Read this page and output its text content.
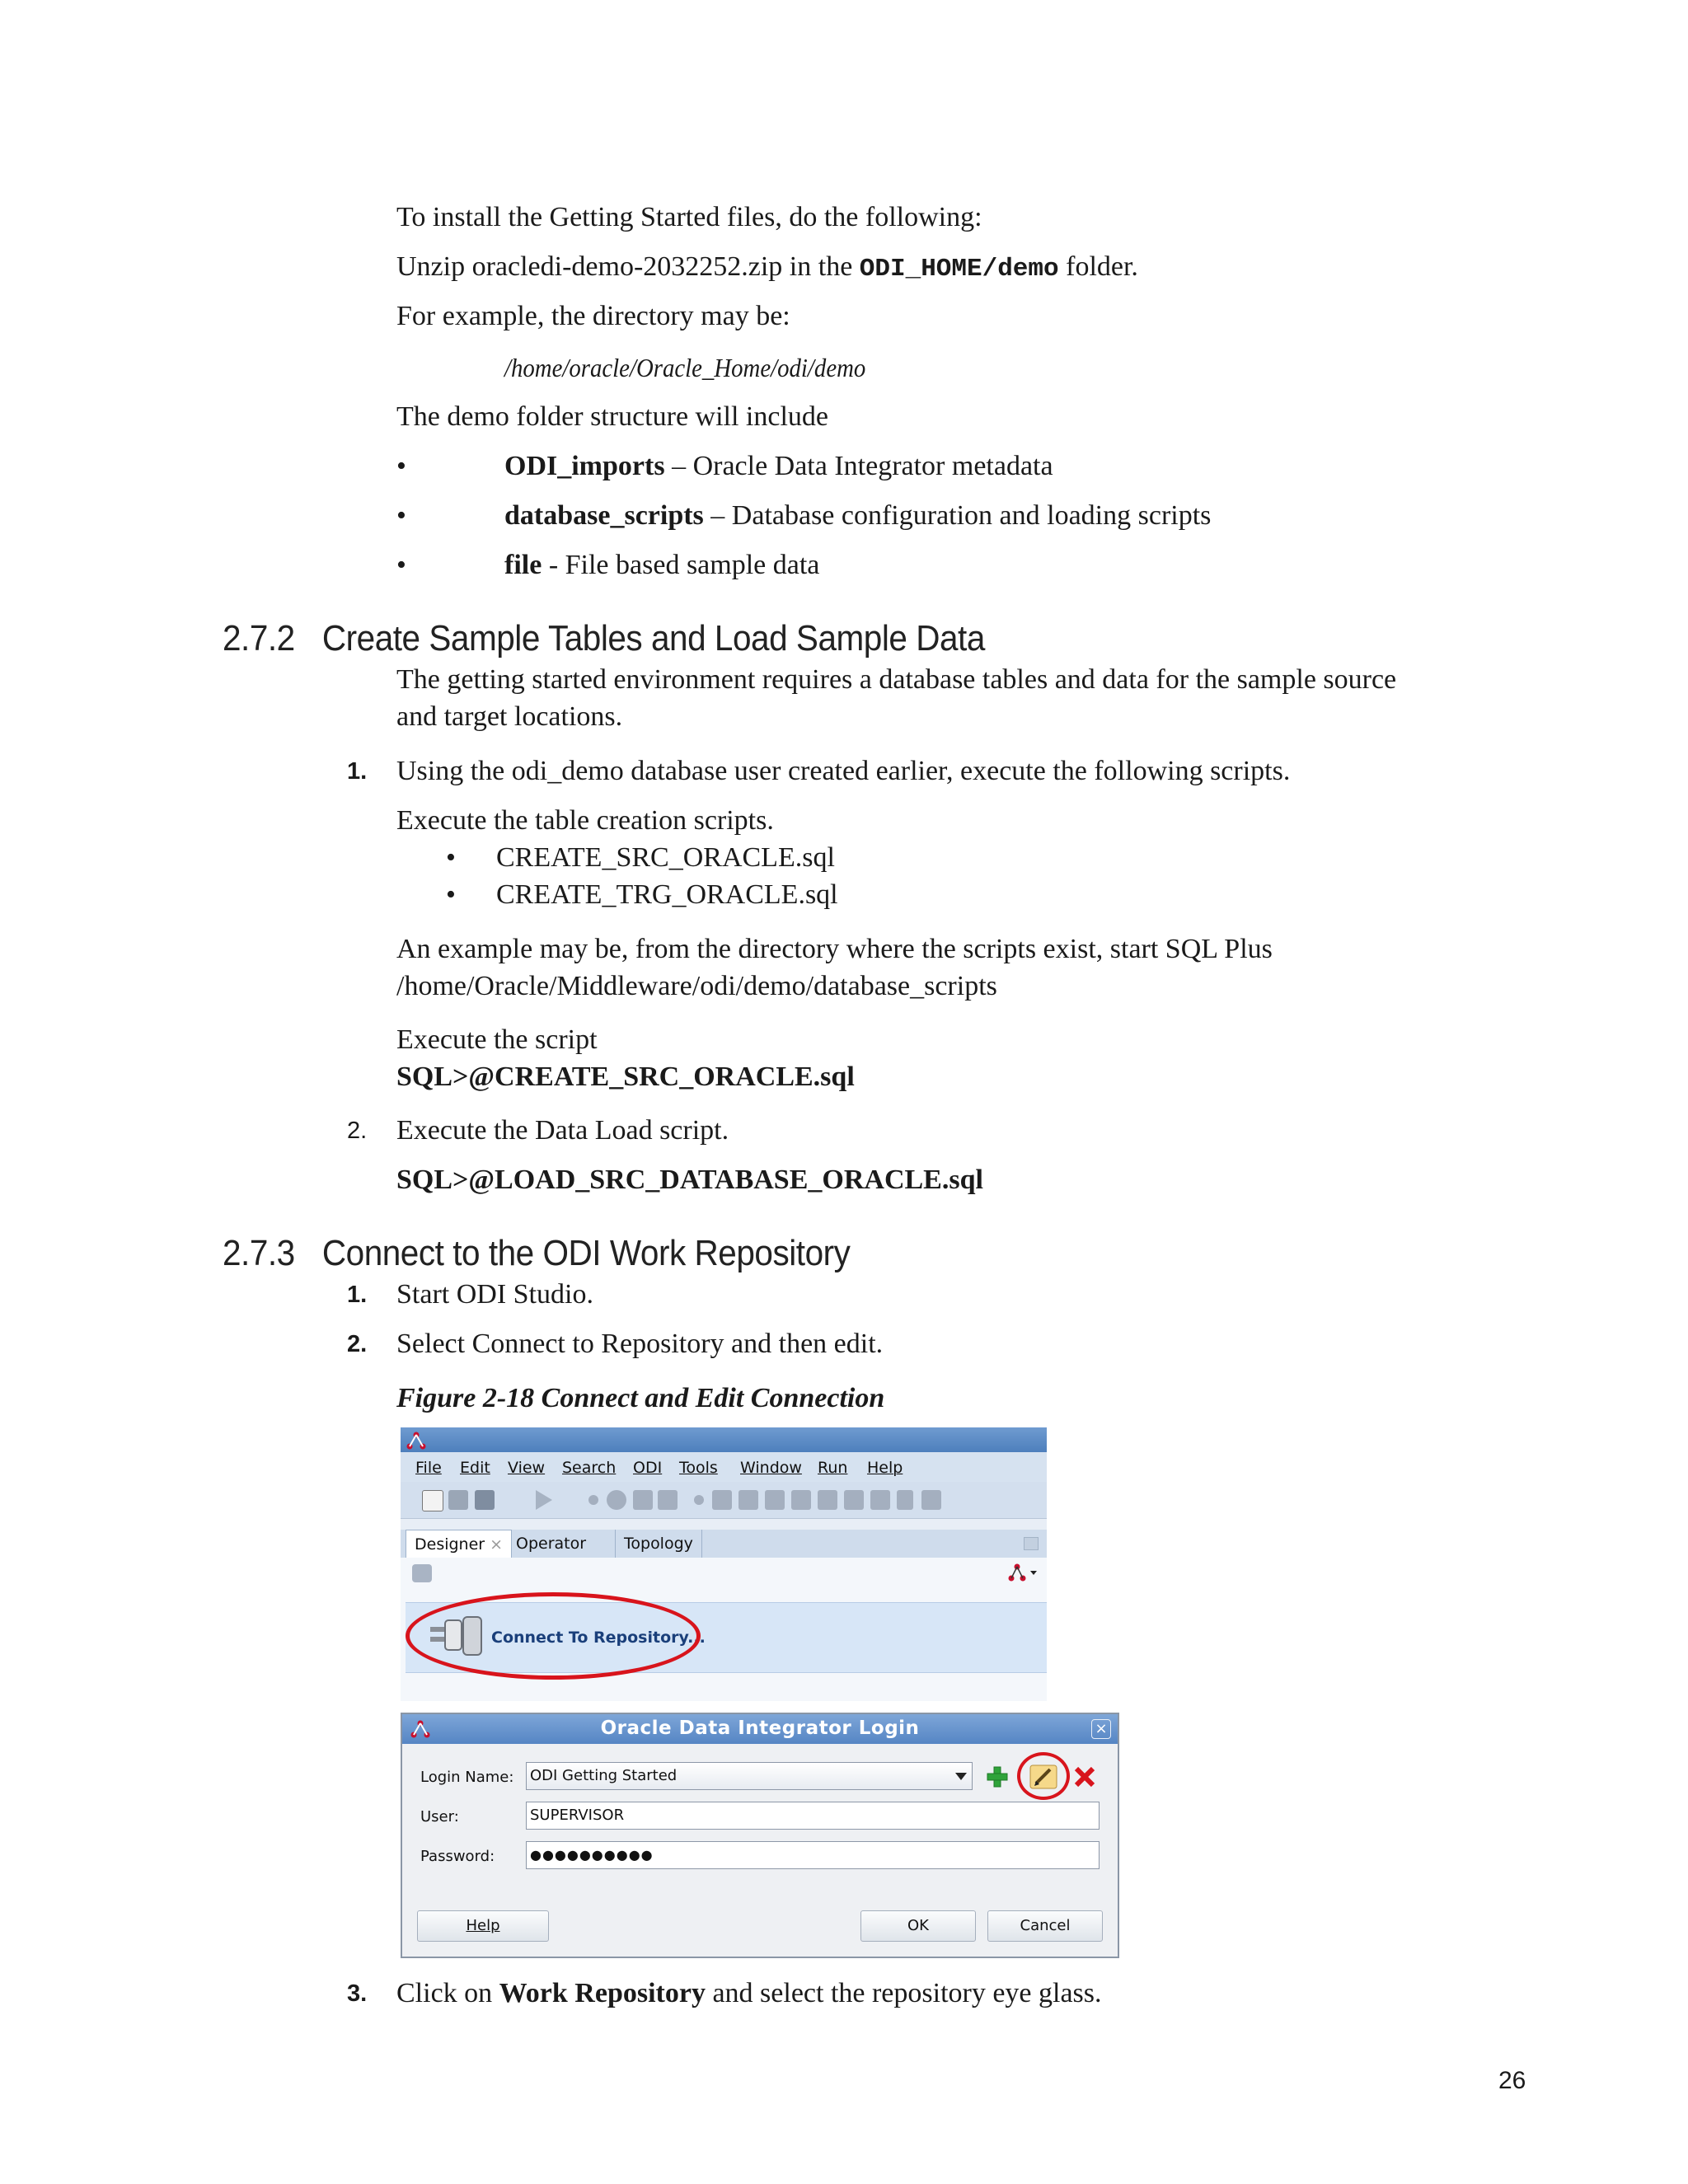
To install the Getting Started files, do the following:
Unzip oracledi-demo-2032252.zip in the ODI_HOME/demo folder.
For example, the directory may be:
/home/oracle/Oracle_Home/odi/demo
The demo folder structure will include
•	ODI_imports – Oracle Data Integrator metadata
•	database_scripts – Database configuration and loading scripts
•	file - File based sample data
2.7.2 Create Sample Tables and Load Sample Data
The getting started environment requires a database tables and data for the sample source
and target locations.
1. Using the odi_demo database user created earlier, execute the following scripts.
Execute the table creation scripts.
• CREATE_SRC_ORACLE.sql
• CREATE_TRG_ORACLE.sql
An example may be, from the directory where the scripts exist, start SQL Plus
/home/Oracle/Middleware/odi/demo/database_scripts
Execute the script
SQL>@CREATE_SRC_ORACLE.sql
2. Execute the Data Load script.
SQL>@LOAD_SRC_DATABASE_ORACLE.sql
2.7.3 Connect to the ODI Work Repository
1. Start ODI Studio.
2. Select Connect to Repository and then edit.
Figure 2-18 Connect and Edit Connection
File Edit View Search ODI Tools Window Run Help
Designer × Operator	Topology
Connect To Repository...
Oracle Data Integrator Login	×
Login Name: ODI Getting Started
User:	SUPERVISOR
Password:	●●●●●●●●●●
Help	OK	Cancel
3. Click on Work Repository and select the repository eye glass.
26
